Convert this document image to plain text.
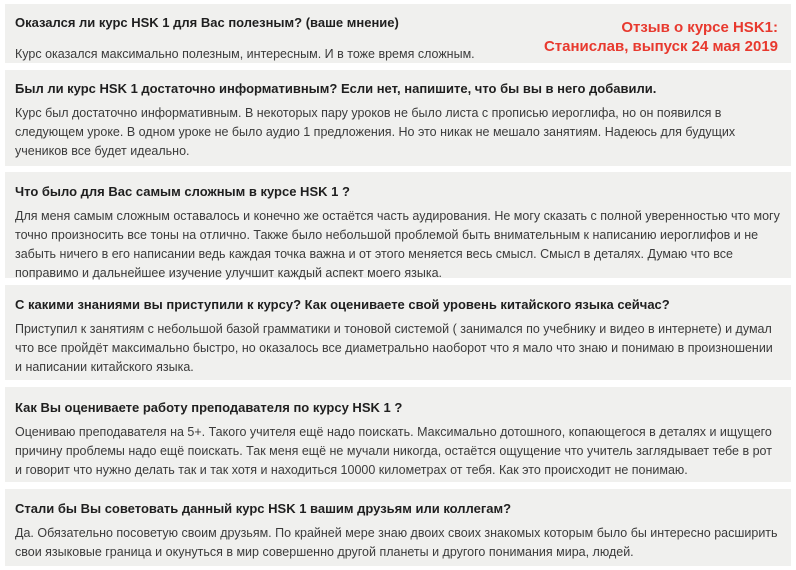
Оказался ли курс HSK 1 для Вас полезным? (ваше мнение)

Курс оказался максимально полезным, интересным. И в тоже время сложным.

Отзыв о курсе HSK1:
Станислав, выпуск 24 мая 2019

Был ли курс HSK 1 достаточно информативным? Если нет, напишите, что бы вы в него добавили.

Курс был достаточно информативным. В некоторых пару уроков не было листа с прописью иероглифа, но он появился в следующем уроке. В одном уроке не было аудио 1 предложения. Но это никак не мешало занятиям. Надеюсь для будущих учеников все будет идеально.

Что было для Вас самым сложным в курсе HSK 1 ?

Для меня самым сложным оставалось и конечно же остаётся часть аудирования. Не могу сказать с полной уверенностью что могу точно произносить все тоны на отлично. Также было небольшой проблемой быть внимательным к написанию иероглифов и не забыть ничего в его написании ведь каждая точка важна и от этого меняется весь смысл. Смысл в деталях. Думаю что все поправимо и дальнейшее изучение улучшит каждый аспект моего языка.

С какими знаниями вы приступили к курсу? Как оцениваете свой уровень китайского языка сейчас?

Приступил к занятиям с небольшой базой грамматики и тоновой системой ( занимался по учебнику и видео в интернете) и думал что все пройдёт максимально быстро, но оказалось все диаметрально наоборот что я мало что знаю и понимаю в произношении и написании китайского языка.

Как Вы оцениваете работу преподавателя по курсу HSK 1 ?

Оцениваю преподавателя на 5+. Такого учителя ещё надо поискать. Максимально дотошного, копающегося в деталях и ищущего причину проблемы надо ещё поискать. Так меня ещё не мучали никогда, остаётся ощущение что учитель заглядывает тебе в рот и говорит что нужно делать так и так хотя и находиться 10000 километрах от тебя. Как это происходит не понимаю.

Стали бы Вы советовать данный курс HSK 1 вашим друзьям или коллегам?

Да. Обязательно посоветую своим друзьям. По крайней мере знаю двоих своих знакомых которым было бы интересно расширить свои языковые граница и окунуться в мир совершенно другой планеты и другого понимания мира, людей.
